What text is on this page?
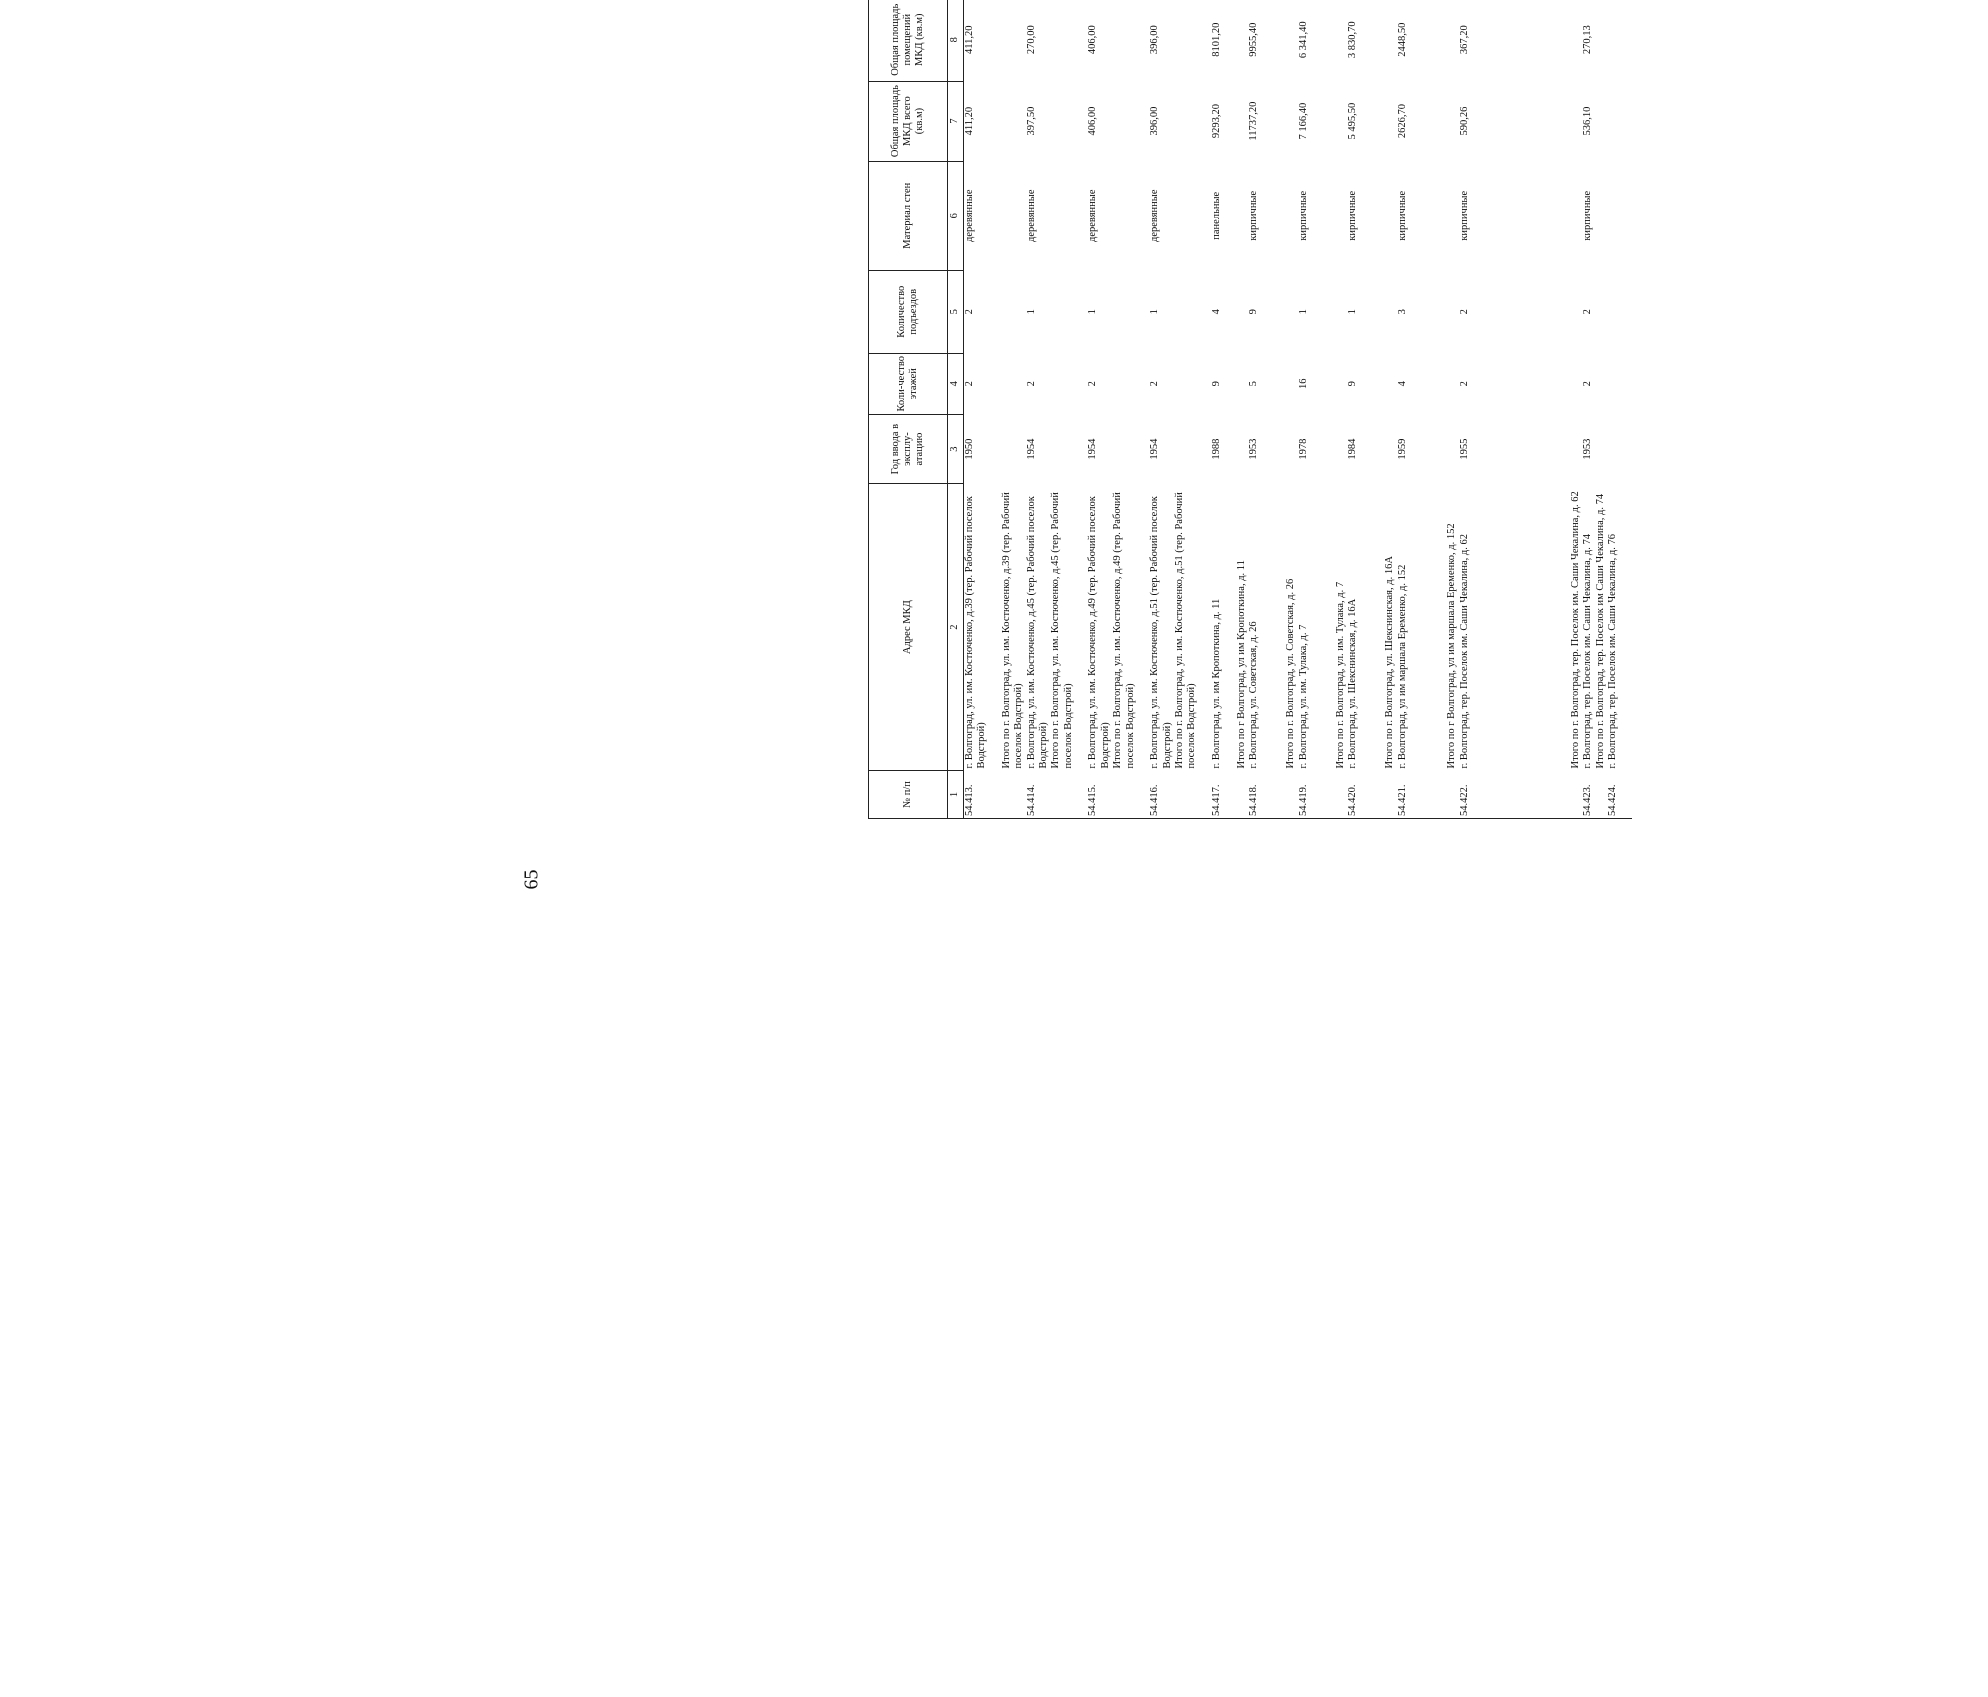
65
№ п/п	Адрес МКД	Год ввода в эксплу-атацию	Коли-чество этажей	Количество подъездов	Материал стен	Общая площадь МКД всего (кв.м)	Общая площадь помещений МКД (кв.м)								
1	2	3	4	5	6	7	8								
54.413.	г. Волгоград, ул. им. Костюченко, д.39 (тер. Рабочий поселок Водстрой)	1950	2	2	деревянные	411,20	411,20								

	Итого по г. Волгоград, ул. им. Костюченко, д.39 (тер. Рабочий поселок Водстрой)														
54.414.	г. Волгоград, ул. им. Костюченко, д.45 (тер. Рабочий поселок Водстрой)	1954	2	1	деревянные	397,50	270,00								
	Итого по г. Волгоград, ул. им. Костюченко, д.45 (тер. Рабочий поселок Водстрой)														

54.415.	г. Волгоград, ул. им. Костюченко, д.49 (тер. Рабочий поселок Водстрой)	1954	2	1	деревянные	406,00	406,00								
	Итого по г. Волгоград, ул. им. Костюченко, д.49 (тер. Рабочий поселок Водстрой)														

54.416.	г. Волгоград, ул. им. Костюченко, д.51 (тер. Рабочий поселок Водстрой)	1954	2	1	деревянные	396,00	396,00								
	Итого по г. Волгоград, ул. им. Костюченко, д.51 (тер. Рабочий поселок Водстрой)														

54.417.	г. Волгоград, ул. им Кропоткина, д. 11	1988	9	4	панельные	9293,20	8101,20								

	Итого по г Волгоград, ул им Кропоткина, д. 11														
54.418.	г. Волгоград, ул. Советская, д. 26	1953	5	9	кирпичные	11737,20	9955,40								

	Итого по г. Волгоград, ул. Советская, д. 26														
54.419.	г. Волгоград, ул. им. Тулака, д. 7	1978	16	1	кирпичные	7 166,40	6 341,40								

	Итого по г. Волгоград, ул. им. Тулака, д. 7														
54.420.	г. Волгоград, ул. Шекснинская, д. 16А	1984	9	1	кирпичные	5 495,50	3 830,70								

	Итого по г. Волгоград, ул. Шекснинская, д. 16А														
54.421.	г. Волгоград, ул им маршала Еременко, д. 152	1959	4	3	кирпичные	2626,70	2448,50								

	Итого по г Волгоград, ул им маршала Еременко, д. 152														
54.422.	г. Волгоград, тер. Поселок им. Саши Чекалина, д. 62	1955	2	2	кирпичные	590,26	367,20								

	Итого по г. Волгоград, тер. Поселок им. Саши Чекалина, д. 62														
54.423.	г. Волгоград, тер. Поселок им. Саши Чекалина, д. 74	1953	2	2	кирпичные	536,10	270,13								
	Итого по г. Волгоград, тер. Поселок им Саши Чекалина, д. 74														
54.424.	г. Волгоград, тер. Поселок им. Саши Чекалина, д. 76														
